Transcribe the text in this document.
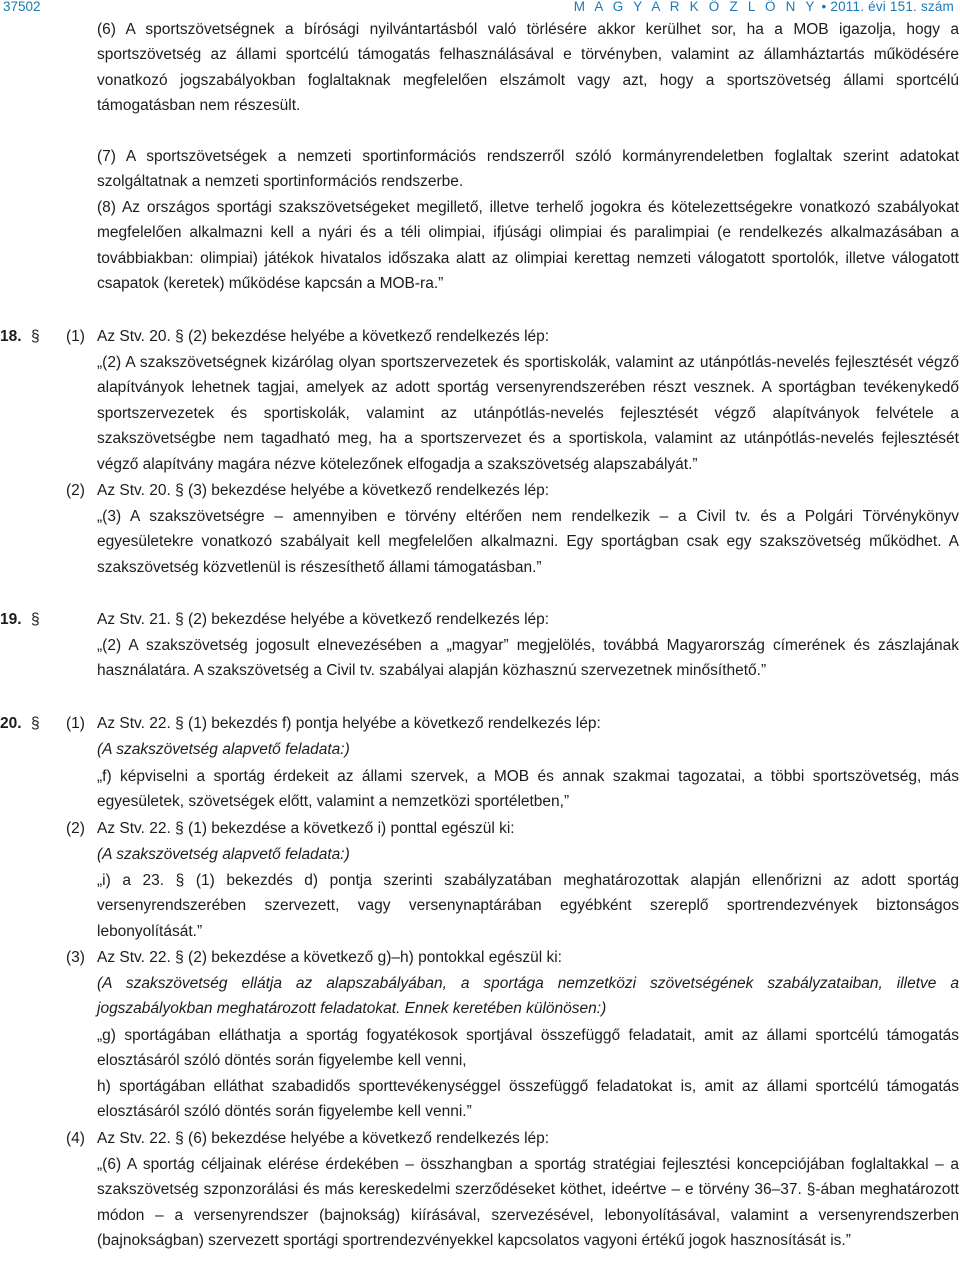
37502	M A G Y A R K Ö Z L Ö N Y • 2011. évi 151. szám

(6) A sportszövetségnek a bírósági nyilvántartásból való törlésére akkor kerülhet sor, ha a MOB igazolja, hogy a sportszövetség az állami sportcélú támogatás felhasználásával e törvényben, valamint az államháztartás működésére vonatkozó jogszabályokban foglaltaknak megfelelően elszámolt vagy azt, hogy a sportszövetség állami sportcélú támogatásban nem részesült.

(7) A sportszövetségek a nemzeti sportinformációs rendszerről szóló kormányrendeletben foglaltak szerint adatokat szolgáltatnak a nemzeti sportinformációs rendszerbe.

(8) Az országos sportági szakszövetségeket megillető, illetve terhelő jogokra és kötelezettségekre vonatkozó szabályokat megfelelően alkalmazni kell a nyári és a téli olimpiai, ifjúsági olimpiai és paralimpiai (e rendelkezés alkalmazásában a továbbiakban: olimpiai) játékok hivatalos időszaka alatt az olimpiai kerettag nemzeti válogatott sportolók, illetve válogatott csapatok (keretek) működése kapcsán a MOB-ra.”

18. § (1) Az Stv. 20. § (2) bekezdése helyébe a következő rendelkezés lép:

„(2) A szakszövetségnek kizárólag olyan sportszervezetek és sportiskolák, valamint az utánpótlás-nevelés fejlesztését végző alapítványok lehetnek tagjai, amelyek az adott sportág versenyrendszerében részt vesznek. A sportágban tevékenykedő sportszervezetek és sportiskolák, valamint az utánpótlás-nevelés fejlesztését végző alapítványok felvétele a szakszövetségbe nem tagadható meg, ha a sportszervezet és a sportiskola, valamint az utánpótlás-nevelés fejlesztését végző alapítvány magára nézve kötelezőnek elfogadja a szakszövetség alapszabályát.”

(2) Az Stv. 20. § (3) bekezdése helyébe a következő rendelkezés lép:

„(3) A szakszövetségre – amennyiben e törvény eltérően nem rendelkezik – a Civil tv. és a Polgári Törvénykönyv egyesületekre vonatkozó szabályait kell megfelelően alkalmazni. Egy sportágban csak egy szakszövetség működhet. A szakszövetség közvetlenül is részesíthető állami támogatásban.”

19. §	Az Stv. 21. § (2) bekezdése helyébe a következő rendelkezés lép:

„(2) A szakszövetség jogosult elnevezésében a „magyar” megjelölés, továbbá Magyarország címerének és zászlajának használatára. A szakszövetség a Civil tv. szabályai alapján közhasznú szervezetnek minősíthető.”

20. § (1) Az Stv. 22. § (1) bekezdés f) pontja helyébe a következő rendelkezés lép:
(A szakszövetség alapvető feladata:)

„f) képviselni a sportág érdekeit az állami szervek, a MOB és annak szakmai tagozatai, a többi sportszövetség, más egyesületek, szövetségek előtt, valamint a nemzetközi sportéletben,”

(2) Az Stv. 22. § (1) bekezdése a következő i) ponttal egészül ki:
(A szakszövetség alapvető feladata:)

„i) a 23. § (1) bekezdés d) pontja szerinti szabályzatában meghatározottak alapján ellenőrizni az adott sportág versenyrendszerében szervezett, vagy versenynaptárában egyébként szereplő sportrendezvények biztonságos lebonyolítását.”

(3) Az Stv. 22. § (2) bekezdése a következő g)–h) pontokkal egészül ki:

(A szakszövetség ellátja az alapszabályában, a sportága nemzetközi szövetségének szabályzataiban, illetve a jogszabályokban meghatározott feladatokat. Ennek keretében különösen:)

„g) sportágában elláthatja a sportág fogyatékosok sportjával összefüggő feladatait, amit az állami sportcélú támogatás elosztásáról szóló döntés során figyelembe kell venni,

h) sportágában elláthat szabadidős sporttevékenységgel összefüggő feladatokat is, amit az állami sportcélú támogatás elosztásáról szóló döntés során figyelembe kell venni.”

(4) Az Stv. 22. § (6) bekezdése helyébe a következő rendelkezés lép:

„(6) A sportág céljainak elérése érdekében – összhangban a sportág stratégiai fejlesztési koncepciójában foglaltakkal – a szakszövetség szponzorálási és más kereskedelmi szerződéseket köthet, ideértve – e törvény 36–37. §-ában meghatározott módon – a versenyrendszer (bajnokság) kiírásával, szervezésével, lebonyolításával, valamint a versenyrendszerben (bajnokságban) szervezett sportági sportrendezvényekkel kapcsolatos vagyoni értékű jogok hasznosítását is.”
